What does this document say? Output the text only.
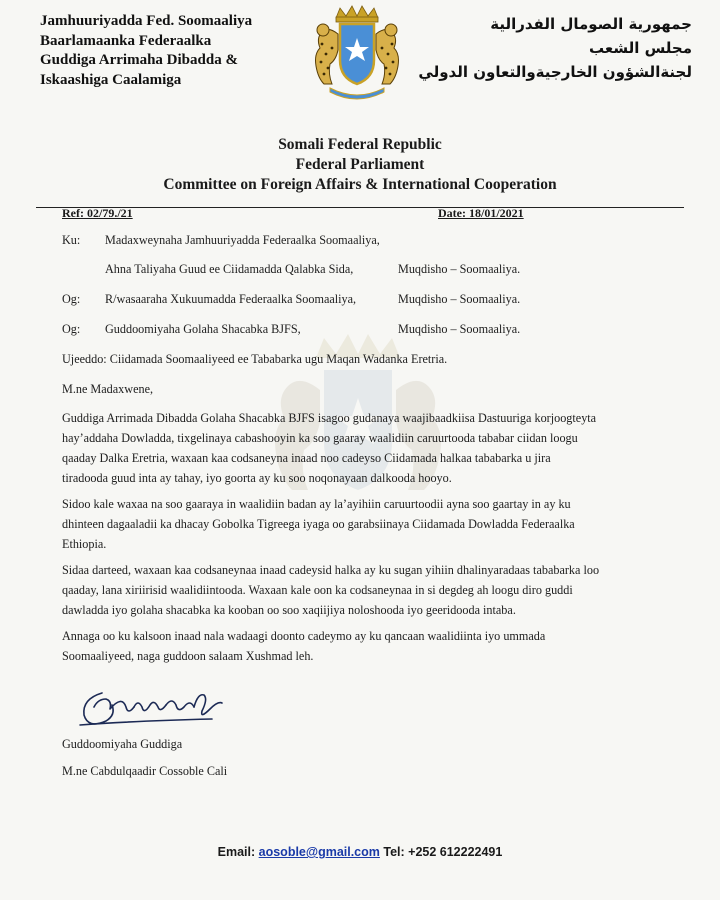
Jamhuuriyadda Fed. Soomaaliya
Baarlamaanka Federaalka
Guddiga Arrimaha Dibadda &
Iskaashiga Caalamiga
جمهورية الصومال الفدرالية
مجلس الشعب
لجنةالشؤون الخارجيةوالتعاون الدولي
Somali Federal Republic
Federal Parliament
Committee on Foreign Affairs & International Cooperation
Ref: 02/79./21	Date: 18/01/2021
Ku: Madaxweynaha Jamhuuriyadda Federaalka Soomaaliya,
Ahna Taliyaha Guud ee Ciidamadda Qalabka Sida,	Muqdisho – Soomaaliya.
Og: R/wasaaraha Xukuumadda Federaalka Soomaaliya,	Muqdisho – Soomaaliya.
Og: Guddoomiyaha Golaha Shacabka BJFS,	Muqdisho – Soomaaliya.
Ujeeddo: Ciidamada Soomaaliyeed ee Tababarka ugu Maqan Wadanka Eretria.
M.ne Madaxwene,
Guddiga Arrimada Dibadda Golaha Shacabka BJFS isagoo gudanaya waajibaadkiisa Dastuuriga korjoogteyta
hay’addaha Dowladda, tixgelinaya cabashooyin ka soo gaaray waalidiin caruurtooda tababar ciidan loogu
qaaday Dalka Eretria, waxaan kaa codsaneyna inaad noo cadeyso Ciidamada halkaa tababarka u jira
tiradooda guud inta ay tahay, iyo goorta ay ku soo noqonayaan dalkooda hooyo.
Sidoo kale waxaa na soo gaaraya in waalidiin badan ay la’ayihiin caruurtoodii ayna soo gaartay in ay ku
dhinteen dagaaladii ka dhacay Gobolka Tigreega iyaga oo garabsiinaya Ciidamada Dowladda Federaalka
Ethiopia.
Sidaa darteed, waxaan kaa codsaneynaa inaad cadeysid halka ay ku sugan yihiin dhalinyaradaas tababarka loo
qaaday, lana xiriirisid waalidiintooda. Waxaan kale oon ka codsaneynaa in si degdeg ah loogu diro guddi
dawladda iyo golaha shacabka ka kooban oo soo xaqiijiya noloshooda iyo geeridooda intaba.
Annaga oo ku kalsoon inaad nala wadaagi doonto cadeymo ay ku qancaan waalidiinta iyo ummada
Soomaaliyeed, naga guddoon salaam Xushmad leh.
Guddoomiyaha Guddiga
M.ne Cabdulqaadir Cossoble Cali
Email: aosoble@gmail.com Tel: +252 612222491
